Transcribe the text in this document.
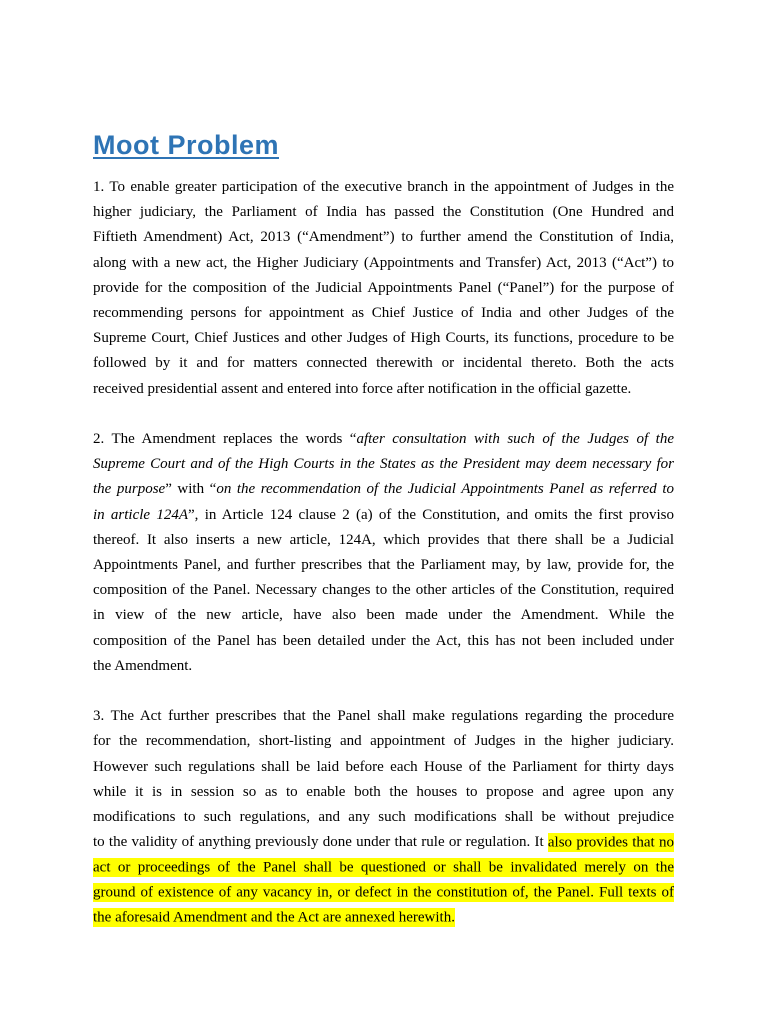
Moot Problem
1. To enable greater participation of the executive branch in the appointment of Judges in the
higher judiciary, the Parliament of India has passed the Constitution (One Hundred and
Fiftieth Amendment) Act, 2013 (“Amendment”) to further amend the Constitution of India,
along with a new act, the Higher Judiciary (Appointments and Transfer) Act, 2013 (“Act”) to
provide for the composition of the Judicial Appointments Panel (“Panel”) for the purpose of
recommending persons for appointment as Chief Justice of India and other Judges of the
Supreme Court, Chief Justices and other Judges of High Courts, its functions, procedure to be
followed by it and for matters connected therewith or incidental thereto. Both the acts
received presidential assent and entered into force after notification in the official gazette.
2. The Amendment replaces the words “after consultation with such of the Judges of the
Supreme Court and of the High Courts in the States as the President may deem necessary for
the purpose” with “on the recommendation of the Judicial Appointments Panel as referred to
in article 124A”, in Article 124 clause 2 (a) of the Constitution, and omits the first proviso
thereof. It also inserts a new article, 124A, which provides that there shall be a Judicial
Appointments Panel, and further prescribes that the Parliament may, by law, provide for, the
composition of the Panel. Necessary changes to the other articles of the Constitution, required
in view of the new article, have also been made under the Amendment. While the
composition of the Panel has been detailed under the Act, this has not been included under
the Amendment.
3. The Act further prescribes that the Panel shall make regulations regarding the procedure
for the recommendation, short-listing and appointment of Judges in the higher judiciary.
However such regulations shall be laid before each House of the Parliament for thirty days
while it is in session so as to enable both the houses to propose and agree upon any
modifications to such regulations, and any such modifications shall be without prejudice
to the validity of anything previously done under that rule or regulation. It also provides that no
act or proceedings of the Panel shall be questioned or shall be invalidated merely on the
ground of existence of any vacancy in, or defect in the constitution of, the Panel. Full texts of
the aforesaid Amendment and the Act are annexed herewith.
